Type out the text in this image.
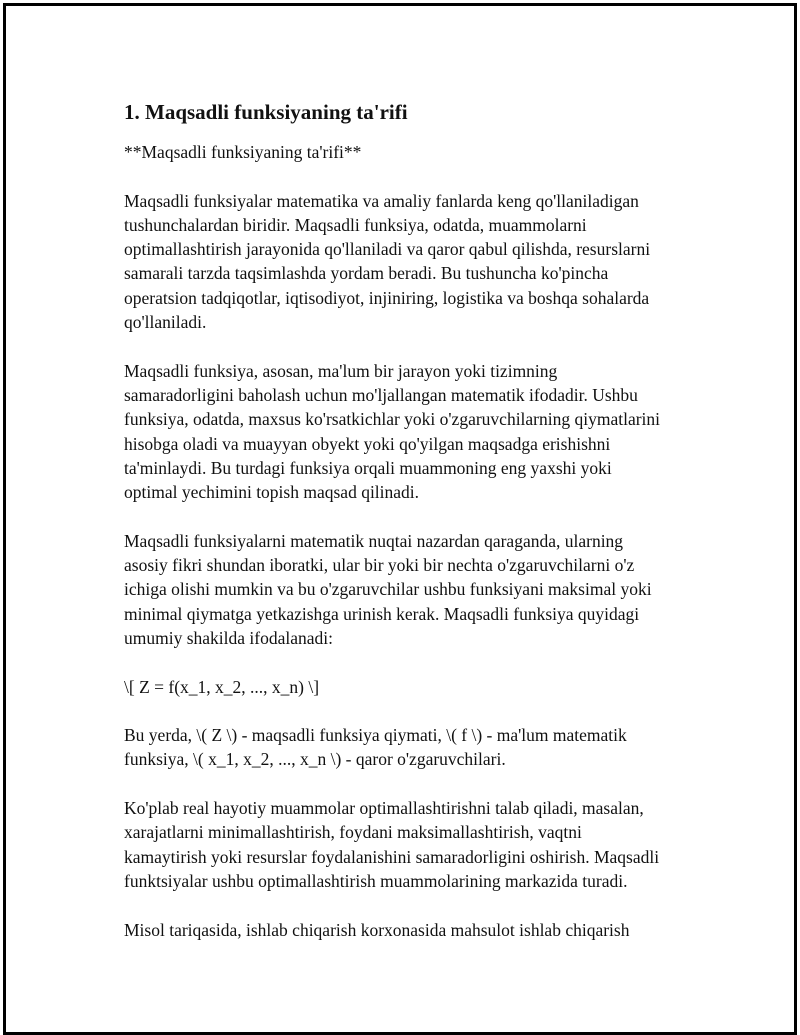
1. Maqsadli funksiyaning ta'rifi

**Maqsadli funksiyaning ta'rifi**

Maqsadli funksiyalar matematika va amaliy fanlarda keng qo'llaniladigan
tushunchalardan biridir. Maqsadli funksiya, odatda, muammolarni
optimallashtirish jarayonida qo'llaniladi va qaror qabul qilishda, resurslarni
samarali tarzda taqsimlashda yordam beradi. Bu tushuncha ko'pincha
operatsion tadqiqotlar, iqtisodiyot, injiniring, logistika va boshqa sohalarda
qo'llaniladi.

Maqsadli funksiya, asosan, ma'lum bir jarayon yoki tizimning
samaradorligini baholash uchun mo'ljallangan matematik ifodadir. Ushbu
funksiya, odatda, maxsus ko'rsatkichlar yoki o'zgaruvchilarning qiymatlarini
hisobga oladi va muayyan obyekt yoki qo'yilgan maqsadga erishishni
ta'minlaydi. Bu turdagi funksiya orqali muammoning eng yaxshi yoki
optimal yechimini topish maqsad qilinadi.

Maqsadli funksiyalarni matematik nuqtai nazardan qaraganda, ularning
asosiy fikri shundan iboratki, ular bir yoki bir nechta o'zgaruvchilarni o'z
ichiga olishi mumkin va bu o'zgaruvchilar ushbu funksiyani maksimal yoki
minimal qiymatga yetkazishga urinish kerak. Maqsadli funksiya quyidagi
umumiy shakilda ifodalanadi:

\[ Z = f(x_1, x_2, ..., x_n) \]

Bu yerda, \( Z \) - maqsadli funksiya qiymati, \( f \) - ma'lum matematik
funksiya, \( x_1, x_2, ..., x_n \) - qaror o'zgaruvchilari.

Ko'plab real hayotiy muammolar optimallashtirishni talab qiladi, masalan,
xarajatlarni minimallashtirish, foydani maksimallashtirish, vaqtni
kamaytirish yoki resurslar foydalanishini samaradorligini oshirish. Maqsadli
funktsiyalar ushbu optimallashtirish muammolarining markazida turadi.

Misol tariqasida, ishlab chiqarish korxonasida mahsulot ishlab chiqarish
